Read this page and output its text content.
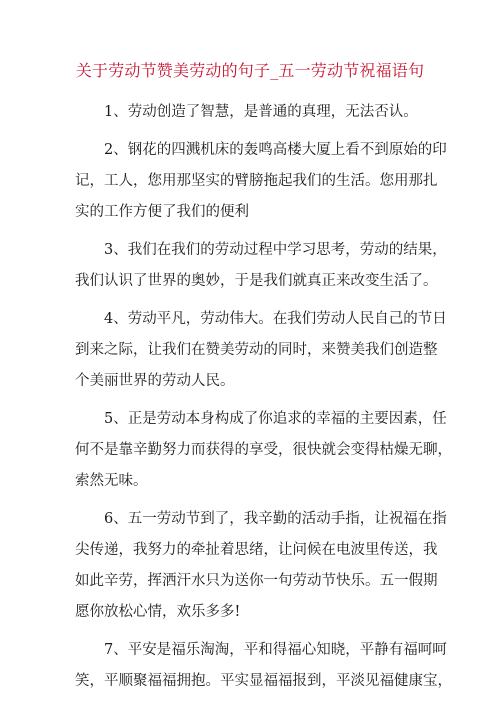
关于劳动节赞美劳动的句子_五一劳动节祝福语句
1、劳动创造了智慧，是普通的真理，无法否认。
2、钢花的四溅机床的轰鸣高楼大厦上看不到原始的印
记，工人，您用那坚实的臂膀拖起我们的生活。您用那扎
实的工作方便了我们的便利
3、我们在我们的劳动过程中学习思考，劳动的结果，
我们认识了世界的奥妙，于是我们就真正来改变生活了。
4、劳动平凡，劳动伟大。在我们劳动人民自己的节日
到来之际，让我们在赞美劳动的同时，来赞美我们创造整
个美丽世界的劳动人民。
5、正是劳动本身构成了你追求的幸福的主要因素，任
何不是靠辛勤努力而获得的享受，很快就会变得枯燥无聊，
索然无味。
6、五一劳动节到了，我辛勤的活动手指，让祝福在指
尖传递，我努力的牵扯着思绪，让问候在电波里传送，我
如此辛劳，挥洒汗水只为送你一句劳动节快乐。五一假期
愿你放松心情，欢乐多多!
7、平安是福乐淘淘，平和得福心知晓，平静有福呵呵
笑，平顺聚福福拥抱。平实显福福报到，平淡见福健康宝，
